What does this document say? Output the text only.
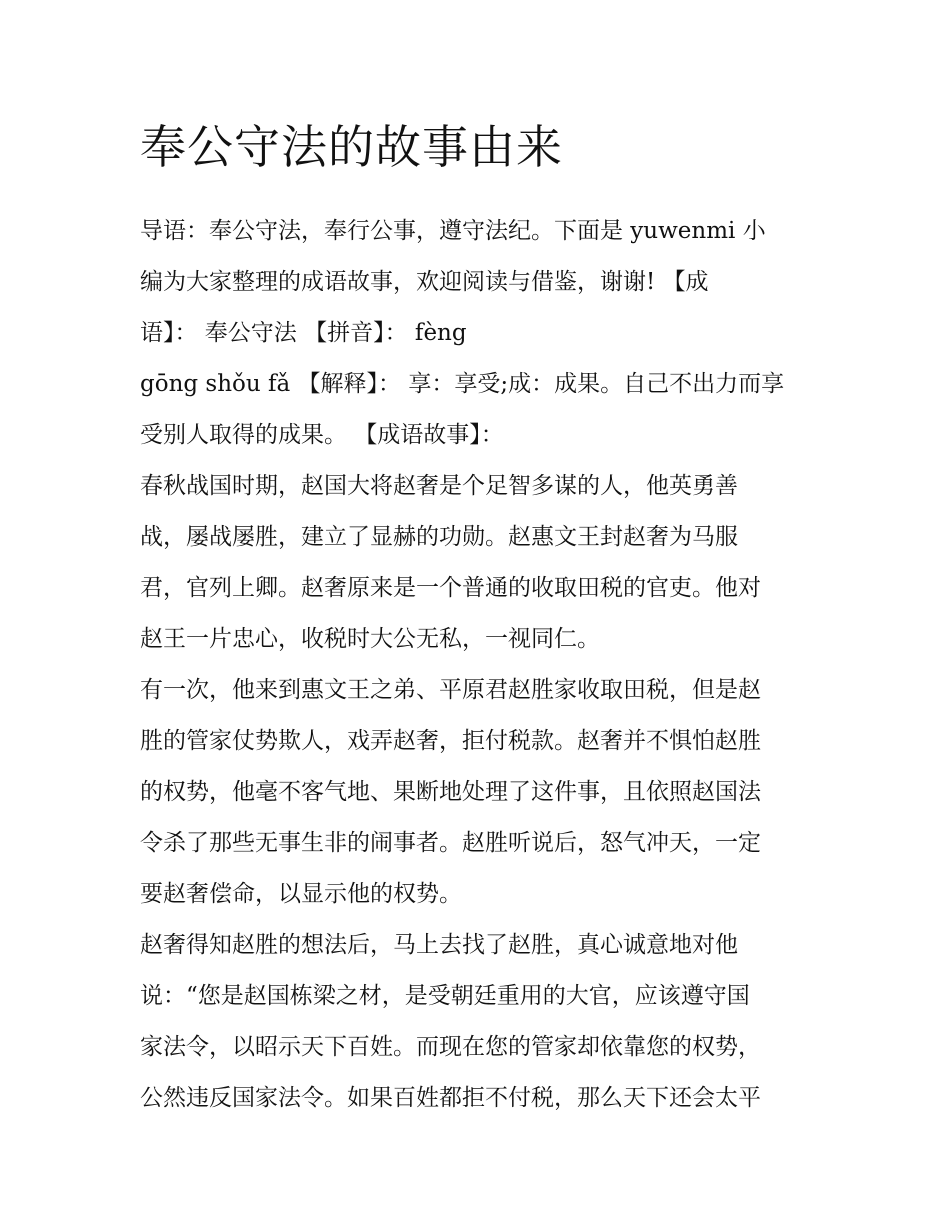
奉公守法的故事由来
导语：奉公守法，奉行公事，遵守法纪。下面是 yuwenmi 小
编为大家整理的成语故事，欢迎阅读与借鉴，谢谢! 【成
语】： 奉公守法 【拼音】： fèng
gōng shǒu fǎ 【解释】： 享：享受;成：成果。自己不出力而享
受别人取得的成果。 【成语故事】：
春秋战国时期，赵国大将赵奢是个足智多谋的人，他英勇善
战，屡战屡胜，建立了显赫的功勋。赵惠文王封赵奢为马服
君，官列上卿。赵奢原来是一个普通的收取田税的官吏。他对
赵王一片忠心，收税时大公无私，一视同仁。
有一次，他来到惠文王之弟、平原君赵胜家收取田税，但是赵
胜的管家仗势欺人，戏弄赵奢，拒付税款。赵奢并不惧怕赵胜
的权势，他毫不客气地、果断地处理了这件事，且依照赵国法
令杀了那些无事生非的闹事者。赵胜听说后，怒气冲天，一定
要赵奢偿命，以显示他的权势。
赵奢得知赵胜的想法后，马上去找了赵胜，真心诚意地对他
说：“您是赵国栋梁之材，是受朝廷重用的大官，应该遵守国
家法令，以昭示天下百姓。而现在您的管家却依靠您的权势，
公然违反国家法令。如果百姓都拒不付税，那么天下还会太平
